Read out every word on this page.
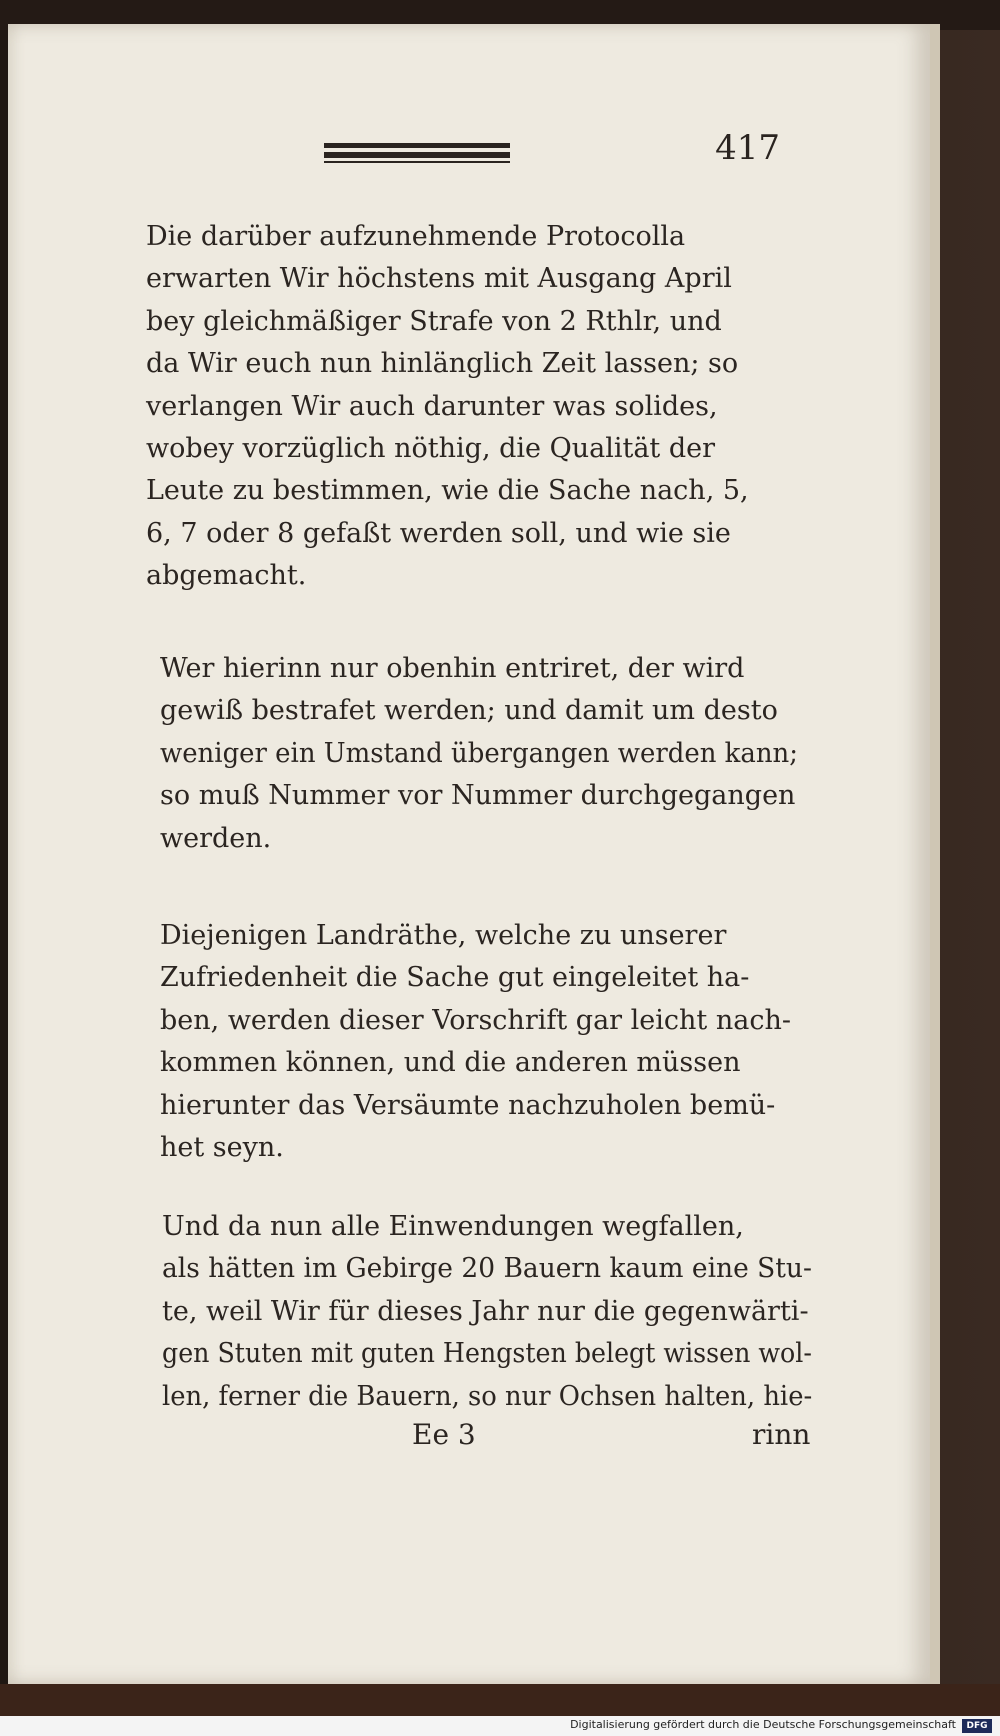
417
Die darüber aufzunehmende Protocolla
erwarten Wir höchstens mit Ausgang April
bey gleichmäßiger Strafe von 2 Rthlr, und
da Wir euch nun hinlänglich Zeit lassen; so
verlangen Wir auch darunter was solides,
wobey vorzüglich nöthig, die Qualität der
Leute zu bestimmen, wie die Sache nach, 5,
6, 7 oder 8 gefaßt werden soll, und wie sie
abgemacht.
Wer hierinn nur obenhin entriret, der wird
gewiß bestrafet werden; und damit um desto
weniger ein Umstand übergangen werden kann;
so muß Nummer vor Nummer durchgegangen
werden.
Diejenigen Landräthe, welche zu unserer
Zufriedenheit die Sache gut eingeleitet ha-
ben, werden dieser Vorschrift gar leicht nach-
kommen können, und die anderen müssen
hierunter das Versäumte nachzuholen bemü-
het seyn.
Und da nun alle Einwendungen wegfallen,
als hätten im Gebirge 20 Bauern kaum eine Stu-
te, weil Wir für dieses Jahr nur die gegenwärti-
gen Stuten mit guten Hengsten belegt wissen wol-
len, ferner die Bauern, so nur Ochsen halten, hie-
Ee 3	rinn
Digitalisierung gefördert durch die Deutsche Forschungsgemeinschaft	DFG
